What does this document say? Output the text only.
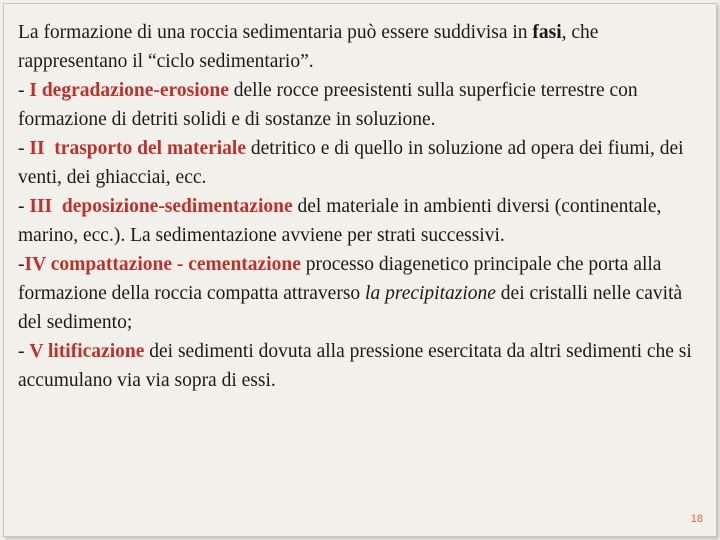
La formazione di una roccia sedimentaria può essere suddivisa in fasi, che rappresentano il “ciclo sedimentario”.

- I degradazione-erosione delle rocce preesistenti sulla superficie terrestre con formazione di detriti solidi e di sostanze in soluzione.

- II  trasporto del materiale detritico e di quello in soluzione ad opera dei fiumi, dei venti, dei ghiacciai, ecc.

- III  deposizione-sedimentazione del materiale in ambienti diversi (continentale, marino, ecc.). La sedimentazione avviene per strati successivi.

-IV compattazione - cementazione processo diagenetico principale che porta alla formazione della roccia compatta attraverso la precipitazione dei cristalli nelle cavità del sedimento;

- V litificazione dei sedimenti dovuta alla pressione esercitata da altri sedimenti che si accumulano via via sopra di essi.

18
